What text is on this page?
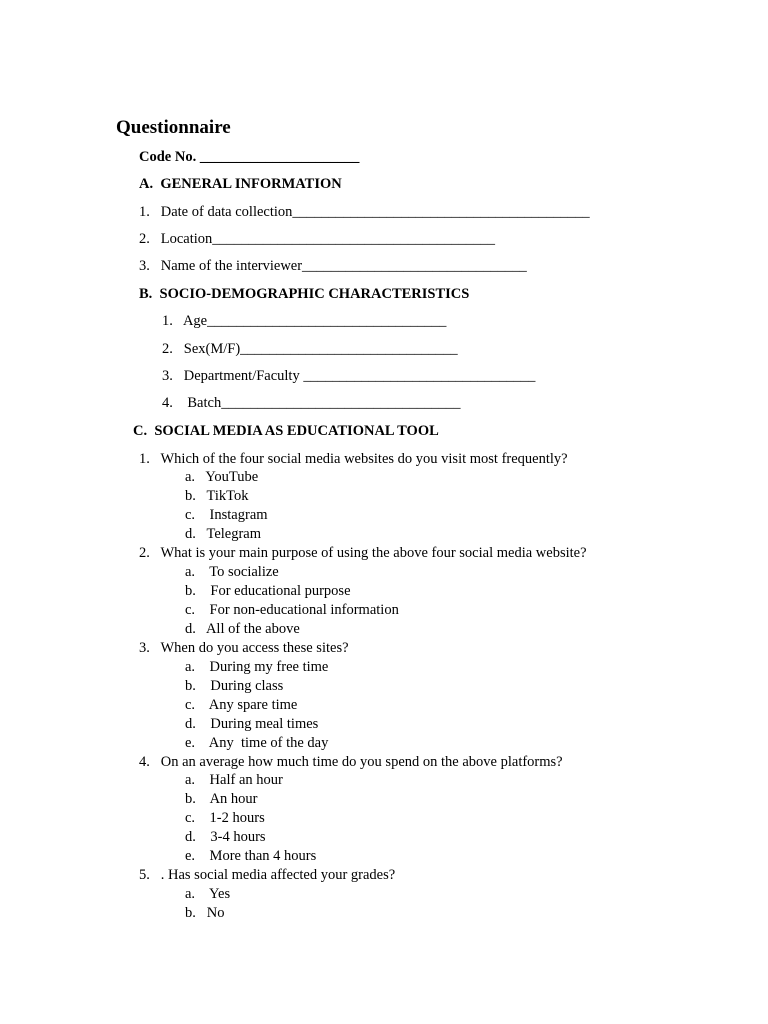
Questionnaire
Code No. ______________________
A.  GENERAL INFORMATION
1.   Date of data collection_________________________________________
2.   Location_______________________________________
3.   Name of the interviewer_______________________________
B.  SOCIO-DEMOGRAPHIC CHARACTERISTICS
1.   Age_________________________________
2.   Sex(M/F)______________________________
3.   Department/Faculty ________________________________
4.    Batch_________________________________
C.  SOCIAL MEDIA AS EDUCATIONAL TOOL
1.   Which of the four social media websites do you visit most frequently?
a.   YouTube
b.   TikTok
c.    Instagram
d.   Telegram
2.   What is your main purpose of using the above four social media website?
a.    To socialize
b.    For educational purpose
c.    For non-educational information
d.   All of the above
3.   When do you access these sites?
a.    During my free time
b.    During class
c.    Any spare time
d.    During meal times
e.    Any  time of the day
4.   On an average how much time do you spend on the above platforms?
a.    Half an hour
b.    An hour
c.    1-2 hours
d.    3-4 hours
e.    More than 4 hours
5.   . Has social media affected your grades?
a.    Yes
b.   No
